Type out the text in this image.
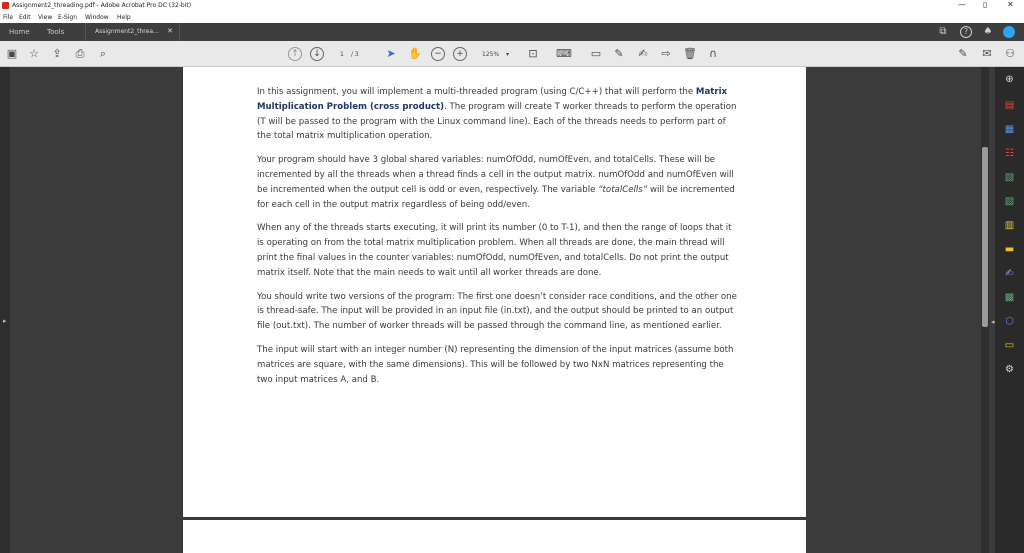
Assignment2_threading.pdf - Adobe Acrobat Pro DC (32-bit)	— ▯ ✕
File Edit View E-Sign Window Help
Home Tools	Assignment2_threa... ✕	⧉	?	♠
▣ ☆ ⇪ ⎙	⌕	↑	↓	1 / 3	➤ ✋	−	+	125% ▾ ⊡ ⌨ ▭ ✎ ✍ ⇨ 🗑 ∩	✎ ✉ ⚇
▸

In this assignment, you will implement a multi-threaded program (using C/C++) that will perform the Matrix Multiplication Problem (cross product). The program will create T worker threads to perform the operation (T will be passed to the program with the Linux command line). Each of the threads needs to perform part of the total matrix multiplication operation.

Your program should have 3 global shared variables: numOfOdd, numOfEven, and totalCells. These will be incremented by all the threads when a thread finds a cell in the output matrix. numOfOdd and numOfEven will be incremented when the output cell is odd or even, respectively. The variable “totalCells” will be incremented for each cell in the output matrix regardless of being odd/even.

When any of the threads starts executing, it will print its number (0 to T-1), and then the range of loops that it is operating on from the total matrix multiplication problem. When all threads are done, the main thread will print the final values in the counter variables: numOfOdd, numOfEven, and totalCells. Do not print the output matrix itself. Note that the main needs to wait until all worker threads are done.

You should write two versions of the program: The first one doesn’t consider race conditions, and the other one is thread-safe. The input will be provided in an input file (in.txt), and the output should be printed to an output file (out.txt). The number of worker threads will be passed through the command line, as mentioned earlier.

The input will start with an integer number (N) representing the dimension of the input matrices (assume both matrices are square, with the same dimensions). This will be followed by two NxN matrices representing the two input matrices A, and B.

◂
⊕
▤
▦
☷
▧
▨
▥
▬
✍
▩
⬡
▭
⚙
